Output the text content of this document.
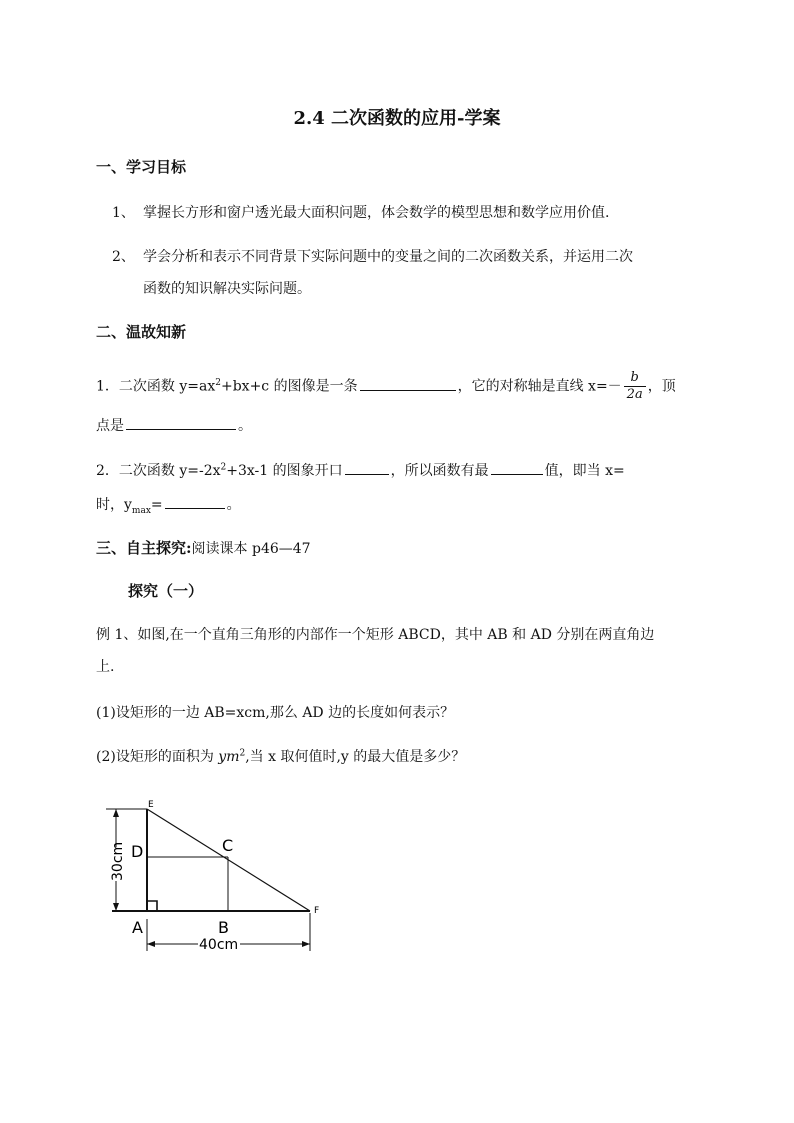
2.4 二次函数的应用-学案
一、学习目标
1、 掌握长方形和窗户透光最大面积问题，体会数学的模型思想和数学应用价值.
2、 学会分析和表示不同背景下实际问题中的变量之间的二次函数关系，并运用二次
函数的知识解决实际问题。
二、温故知新
1．二次函数 $y=ax^2+bx+c$ 的图像是一条	，它的对称轴是直线 $x=- \frac{b}{2a}$ ，顶
点是	。
2．二次函数 $y=-2x^2+3x-1$ 的图象开口	，所以函数有最	值，即当 x=
时，$y_{max}=$	。
三、自主探究:阅读课本 p46—47
探究（一）
例 1、如图,在一个直角三角形的内部作一个矩形 ABCD，其中 AB 和 AD 分别在两直角边
上.
(1)设矩形的一边 AB=xcm,那么 AD 边的长度如何表示？
(2)设矩形的面积为 $ym^2$,当 x 取何值时,y 的最大值是多少？
30cm
40cm
E
F
A	B
C
D
